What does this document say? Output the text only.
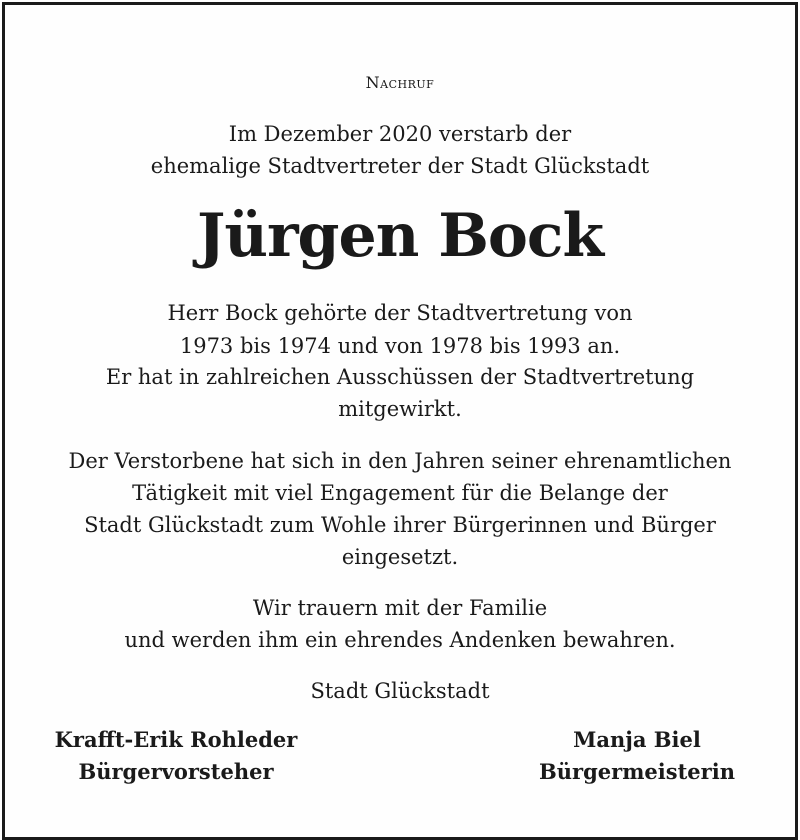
Nachruf

Im Dezember 2020 verstarb der

ehemalige Stadtvertreter der Stadt Glückstadt

Jürgen Bock

Herr Bock gehörte der Stadtvertretung von

1973 bis 1974 und von 1978 bis 1993 an.

Er hat in zahlreichen Ausschüssen der Stadtvertretung

mitgewirkt.

Der Verstorbene hat sich in den Jahren seiner ehrenamtlichen

Tätigkeit mit viel Engagement für die Belange der

Stadt Glückstadt zum Wohle ihrer Bürgerinnen und Bürger

eingesetzt.

Wir trauern mit der Familie

und werden ihm ein ehrendes Andenken bewahren.

Stadt Glückstadt

Krafft-Erik Rohleder

Bürgervorsteher

Manja Biel

Bürgermeisterin
